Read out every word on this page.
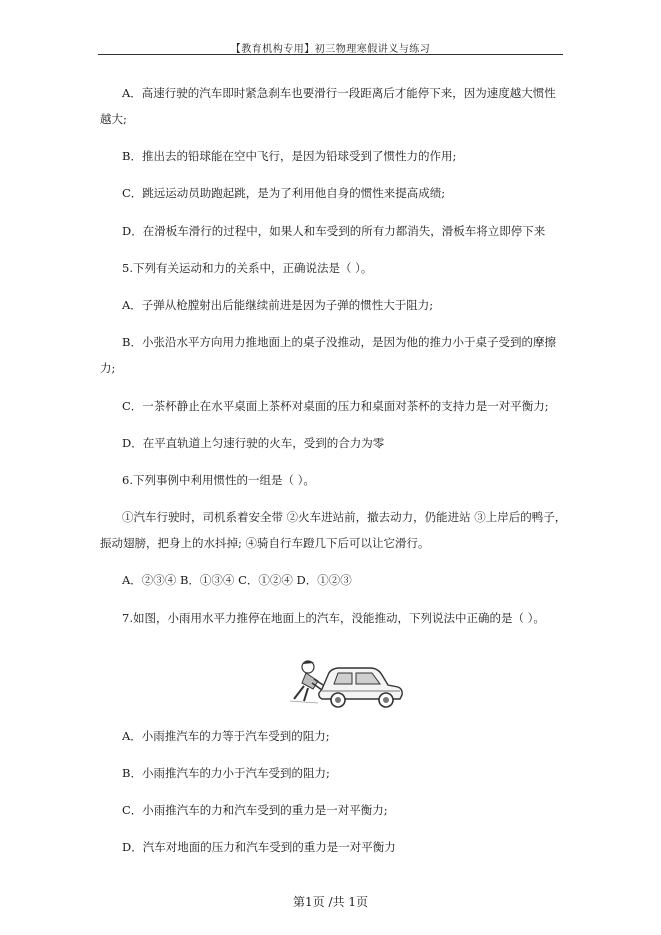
【教育机构专用】初三物理寒假讲义与练习
A．高速行驶的汽车即时紧急刹车也要滑行一段距离后才能停下来，因为速度越大惯性
越大;
B．推出去的铅球能在空中飞行，是因为铅球受到了惯性力的作用;
C．跳远运动员助跑起跳，是为了利用他自身的惯性来提高成绩;
D．在滑板车滑行的过程中，如果人和车受到的所有力都消失，滑板车将立即停下来
5.下列有关运动和力的关系中，正确说法是（ ）。
A．子弹从枪膛射出后能继续前进是因为子弹的惯性大于阻力;
B．小张沿水平方向用力推地面上的桌子没推动，是因为他的推力小于桌子受到的摩擦
力;
C．一茶杯静止在水平桌面上茶杯对桌面的压力和桌面对茶杯的支持力是一对平衡力;
D．在平直轨道上匀速行驶的火车，受到的合力为零
6.下列事例中利用惯性的一组是（ ）。
①汽车行驶时，司机系着安全带 ②火车进站前，撤去动力，仍能进站 ③上岸后的鸭子，
振动翅膀，把身上的水抖掉; ④骑自行车蹬几下后可以让它滑行。
A．②③④ B．①③④ C．①②④ D．①②③
7.如图，小雨用水平力推停在地面上的汽车，没能推动，下列说法中正确的是（ ）。
A．小雨推汽车的力等于汽车受到的阻力;
B．小雨推汽车的力小于汽车受到的阻力;
C．小雨推汽车的力和汽车受到的重力是一对平衡力;
D．汽车对地面的压力和汽车受到的重力是一对平衡力
第1页 /共 1页
